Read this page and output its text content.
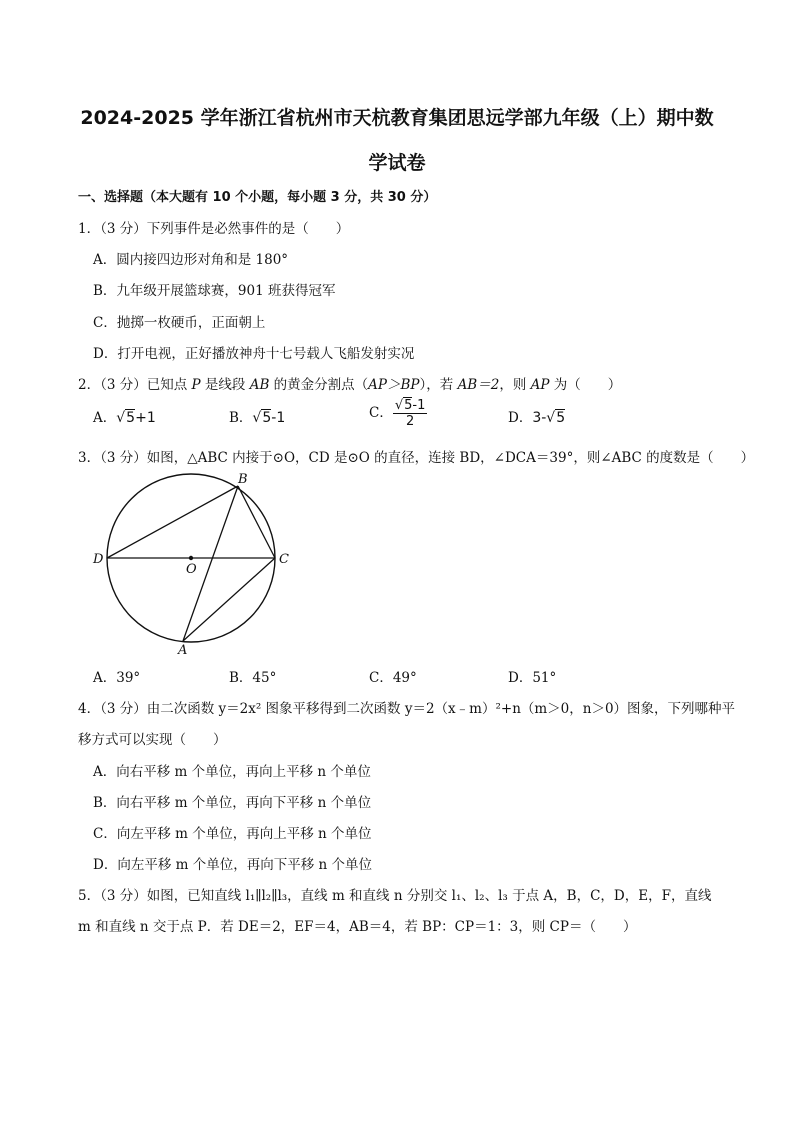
2024-2025 学年浙江省杭州市天杭教育集团思远学部九年级（上）期中数
学试卷
一、选择题（本大题有 10 个小题，每小题 3 分，共 30 分）
1．（3 分）下列事件是必然事件的是（　　）
A．圆内接四边形对角和是 180°
B．九年级开展篮球赛，901 班获得冠军
C．抛掷一枚硬币，正面朝上
D．打开电视，正好播放神舟十七号载人飞船发射实况
2．（3 分）已知点 P 是线段 AB 的黄金分割点（AP＞BP），若 AB＝2，则 AP 为（　　）
A．√5+1	B．√5-1	C． $\frac{√5-1}{2}$	D．3-√5
3．（3 分）如图，△ABC 内接于⊙O，CD 是⊙O 的直径，连接 BD，∠DCA＝39°，则∠ABC 的度数是（　　）
B
D
O
C
A
A．39°	B．45°	C．49°	D．51°
4．（3 分）由二次函数 y＝2x² 图象平移得到二次函数 y＝2（x﹣m）²+n（m＞0，n＞0）图象，下列哪种平
移方式可以实现（　　）
A．向右平移 m 个单位，再向上平移 n 个单位
B．向右平移 m 个单位，再向下平移 n 个单位
C．向左平移 m 个单位，再向上平移 n 个单位
D．向左平移 m 个单位，再向下平移 n 个单位
5．（3 分）如图，已知直线 l₁∥l₂∥l₃，直线 m 和直线 n 分别交 l₁、l₂、l₃ 于点 A，B，C，D，E，F，直线
m 和直线 n 交于点 P．若 DE＝2，EF＝4，AB＝4，若 BP：CP＝1：3，则 CP＝（　　）
